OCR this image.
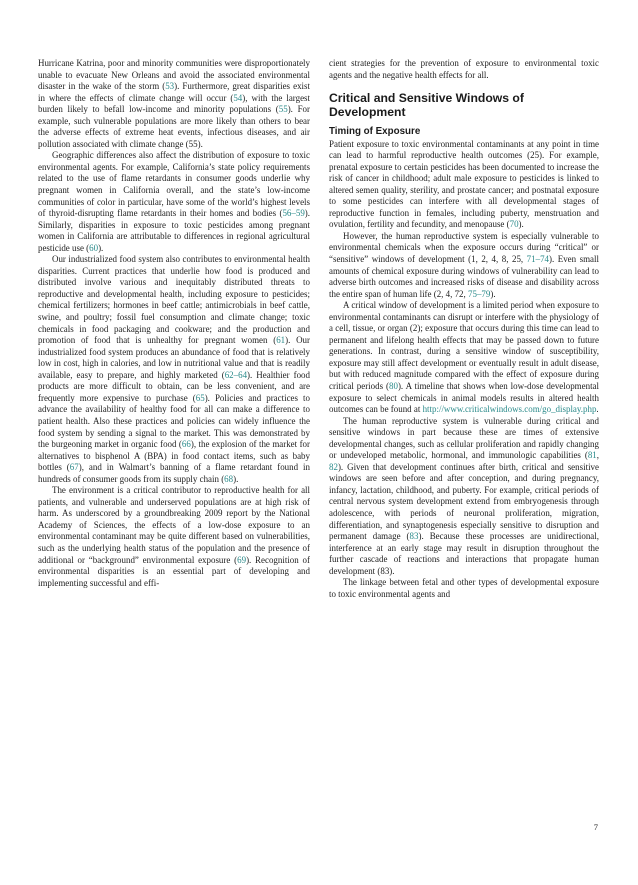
Hurricane Katrina, poor and minority communities were disproportionately unable to evacuate New Orleans and avoid the associated environmental disaster in the wake of the storm (53). Furthermore, great disparities exist in where the effects of climate change will occur (54), with the largest burden likely to befall low-income and minority populations (55). For example, such vulnerable populations are more likely than others to bear the adverse effects of extreme heat events, infectious diseases, and air pollution associated with climate change (55).

Geographic differences also affect the distribution of exposure to toxic environmental agents. For example, California’s state policy requirements related to the use of flame retardants in consumer goods underlie why pregnant women in California overall, and the state’s low-income communities of color in particular, have some of the world’s highest levels of thyroid-disrupting flame retardants in their homes and bodies (56–59). Similarly, disparities in exposure to toxic pesticides among pregnant women in California are attributable to differences in regional agricultural pesticide use (60).

Our industrialized food system also contributes to environmental health disparities. Current practices that underlie how food is produced and distributed involve various and inequitably distributed threats to reproductive and developmental health, including exposure to pesticides; chemical fertilizers; hormones in beef cattle; antimicrobials in beef cattle, swine, and poultry; fossil fuel consumption and climate change; toxic chemicals in food packaging and cookware; and the production and promotion of food that is unhealthy for pregnant women (61). Our industrialized food system produces an abundance of food that is relatively low in cost, high in calories, and low in nutritional value and that is readily available, easy to prepare, and highly marketed (62–64). Healthier food products are more difficult to obtain, can be less convenient, and are frequently more expensive to purchase (65). Policies and practices to advance the availability of healthy food for all can make a difference to patient health. Also these practices and policies can widely influence the food system by sending a signal to the market. This was demonstrated by the burgeoning market in organic food (66), the explosion of the market for alternatives to bisphenol A (BPA) in food contact items, such as baby bottles (67), and in Walmart’s banning of a flame retardant found in hundreds of consumer goods from its supply chain (68).

The environment is a critical contributor to reproductive health for all patients, and vulnerable and underserved populations are at high risk of harm. As underscored by a groundbreaking 2009 report by the National Academy of Sciences, the effects of a low-dose exposure to an environmental contaminant may be quite different based on vulnerabilities, such as the underlying health status of the population and the presence of additional or “background” environmental exposure (69). Recognition of environmental disparities is an essential part of developing and implementing successful and effi-

cient strategies for the prevention of exposure to environmental toxic agents and the negative health effects for all.

Critical and Sensitive Windows of Development
Timing of Exposure

Patient exposure to toxic environmental contaminants at any point in time can lead to harmful reproductive health outcomes (25). For example, prenatal exposure to certain pesticides has been documented to increase the risk of cancer in childhood; adult male exposure to pesticides is linked to altered semen quality, sterility, and prostate cancer; and postnatal exposure to some pesticides can interfere with all developmental stages of reproductive function in females, including puberty, menstruation and ovulation, fertility and fecundity, and menopause (70).

However, the human reproductive system is especially vulnerable to environmental chemicals when the exposure occurs during “critical” or “sensitive” windows of development (1, 2, 4, 8, 25, 71–74). Even small amounts of chemical exposure during windows of vulnerability can lead to adverse birth outcomes and increased risks of disease and disability across the entire span of human life (2, 4, 72, 75–79).

A critical window of development is a limited period when exposure to environmental contaminants can disrupt or interfere with the physiology of a cell, tissue, or organ (2); exposure that occurs during this time can lead to permanent and lifelong health effects that may be passed down to future generations. In contrast, during a sensitive window of susceptibility, exposure may still affect development or eventually result in adult disease, but with reduced magnitude compared with the effect of exposure during critical periods (80). A timeline that shows when low-dose developmental exposure to select chemicals in animal models results in altered health outcomes can be found at http://www.criticalwindows.com/go_display.php.

The human reproductive system is vulnerable during critical and sensitive windows in part because these are times of extensive developmental changes, such as cellular proliferation and rapidly changing or undeveloped metabolic, hormonal, and immunologic capabilities (81, 82). Given that development continues after birth, critical and sensitive windows are seen before and after conception, and during pregnancy, infancy, lactation, childhood, and puberty. For example, critical periods of central nervous system development extend from embryogenesis through adolescence, with periods of neuronal proliferation, migration, differentiation, and synaptogenesis especially sensitive to disruption and permanent damage (83). Because these processes are unidirectional, interference at an early stage may result in disruption throughout the further cascade of reactions and interactions that propagate human development (83).

The linkage between fetal and other types of developmental exposure to toxic environmental agents and

7
